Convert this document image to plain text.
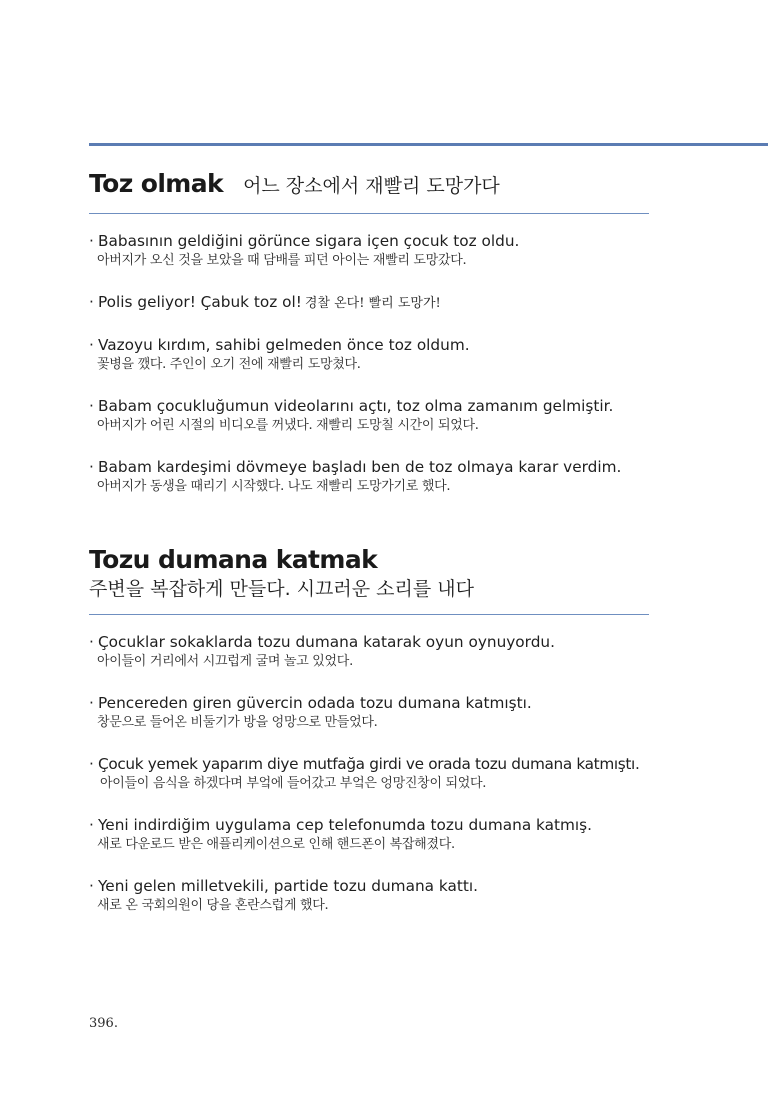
Toz olmak 어느 장소에서 재빨리 도망가다
· Babasının geldiğini görünce sigara içen çocuk toz oldu.
아버지가 오신 것을 보았을 때 담배를 피던 아이는 재빨리 도망갔다.
· Polis geliyor! Çabuk toz ol! 경찰 온다! 빨리 도망가!
· Vazoyu kırdım, sahibi gelmeden önce toz oldum.
꽃병을 깼다. 주인이 오기 전에 재빨리 도망쳤다.
· Babam çocukluğumun videolarını açtı, toz olma zamanım gelmiştir.
아버지가 어린 시절의 비디오를 꺼냈다. 재빨리 도망칠 시간이 되었다.
· Babam kardeşimi dövmeye başladı ben de toz olmaya karar verdim.
아버지가 동생을 때리기 시작했다. 나도 재빨리 도망가기로 했다.
Tozu dumana katmak
주변을 복잡하게 만들다. 시끄러운 소리를 내다
· Çocuklar sokaklarda tozu dumana katarak oyun oynuyordu.
아이들이 거리에서 시끄럽게 굴며 놀고 있었다.
· Pencereden giren güvercin odada tozu dumana katmıştı.
창문으로 들어온 비둘기가 방을 엉망으로 만들었다.
· Çocuk yemek yaparım diye mutfağa girdi ve orada tozu dumana katmıştı.
아이들이 음식을 하겠다며 부엌에 들어갔고 부엌은 엉망진창이 되었다.
· Yeni indirdiğim uygulama cep telefonumda tozu dumana katmış.
새로 다운로드 받은 애플리케이션으로 인해 핸드폰이 복잡해졌다.
· Yeni gelen milletvekili, partide tozu dumana kattı.
새로 온 국회의원이 당을 혼란스럽게 했다.
396.
